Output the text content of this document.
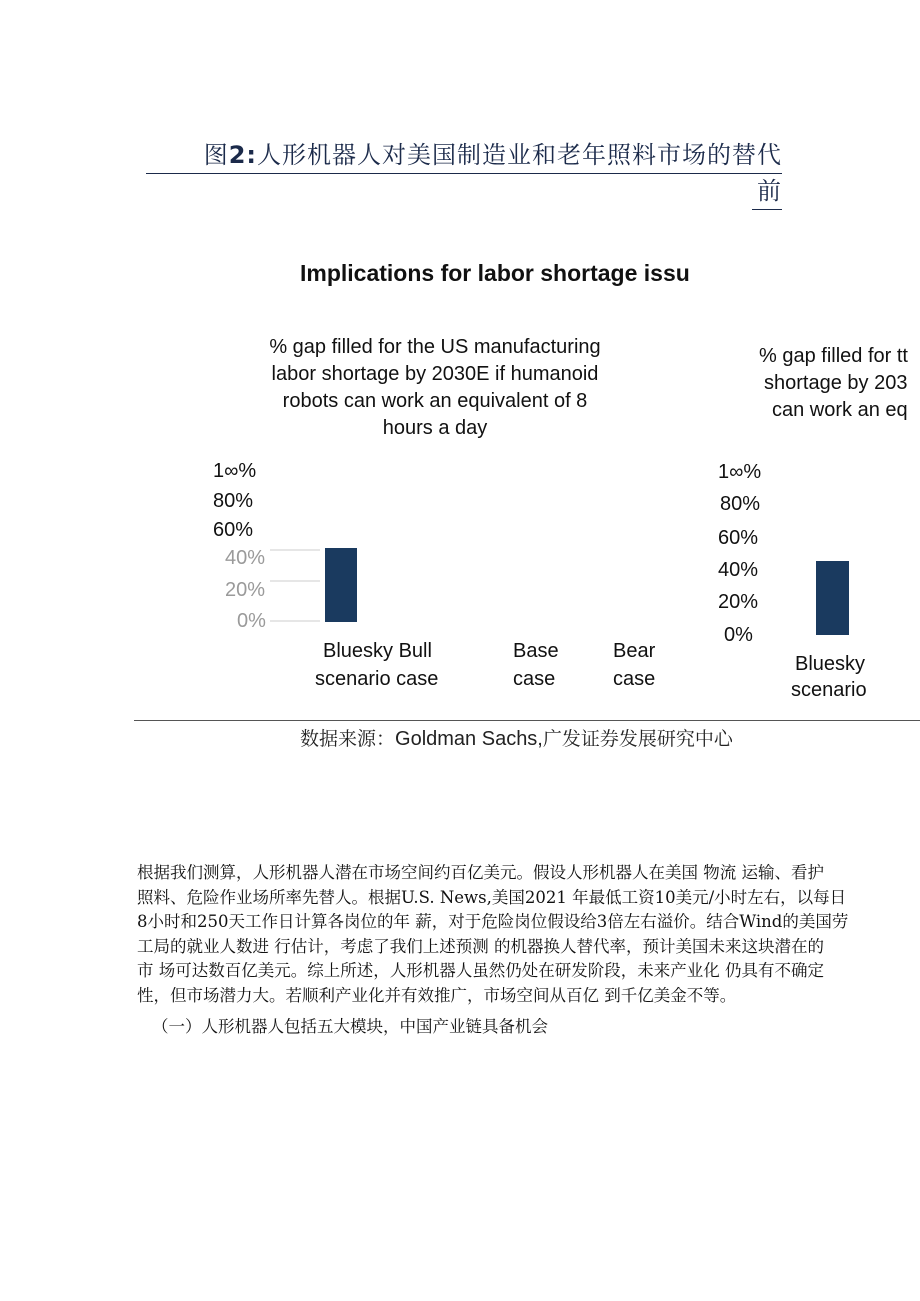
图2:人形机器人对美国制造业和老年照料市场的替代
前
Implications for labor shortage issu
% gap filled for the US manufacturing
labor shortage by 2030E if humanoid
robots can work an equivalent of 8
hours a day
1∞%
80%
60%
40%
20%
0%
Bluesky Bull
scenario case
Base
case
Bear
case
% gap filled for tt
shortage by 203
can work an eq
1∞%
80%
60%
40%
20%
0%
Bluesky
scenario
数据来源：Goldman Sachs,广发证券发展研究中心

根据我们测算，人形机器人潜在市场空间约百亿美元。假设人形机器人在美国 物流 运输、看护

照料、危险作业场所率先替人。根据U.S. News,美国2021 年最低工资10美元/小时左右，以每日

8小时和250天工作日计算各岗位的年 薪，对于危险岗位假设给3倍左右溢价。结合Wind的美国劳

工局的就业人数进 行估计，考虑了我们上述预测 的机器换人替代率，预计美国未来这块潜在的

市 场可达数百亿美元。综上所述，人形机器人虽然仍处在研发阶段，未来产业化 仍具有不确定

性，但市场潜力大。若顺利产业化并有效推广，市场空间从百亿 到千亿美金不等。

（一）人形机器人包括五大模块，中国产业链具备机会
